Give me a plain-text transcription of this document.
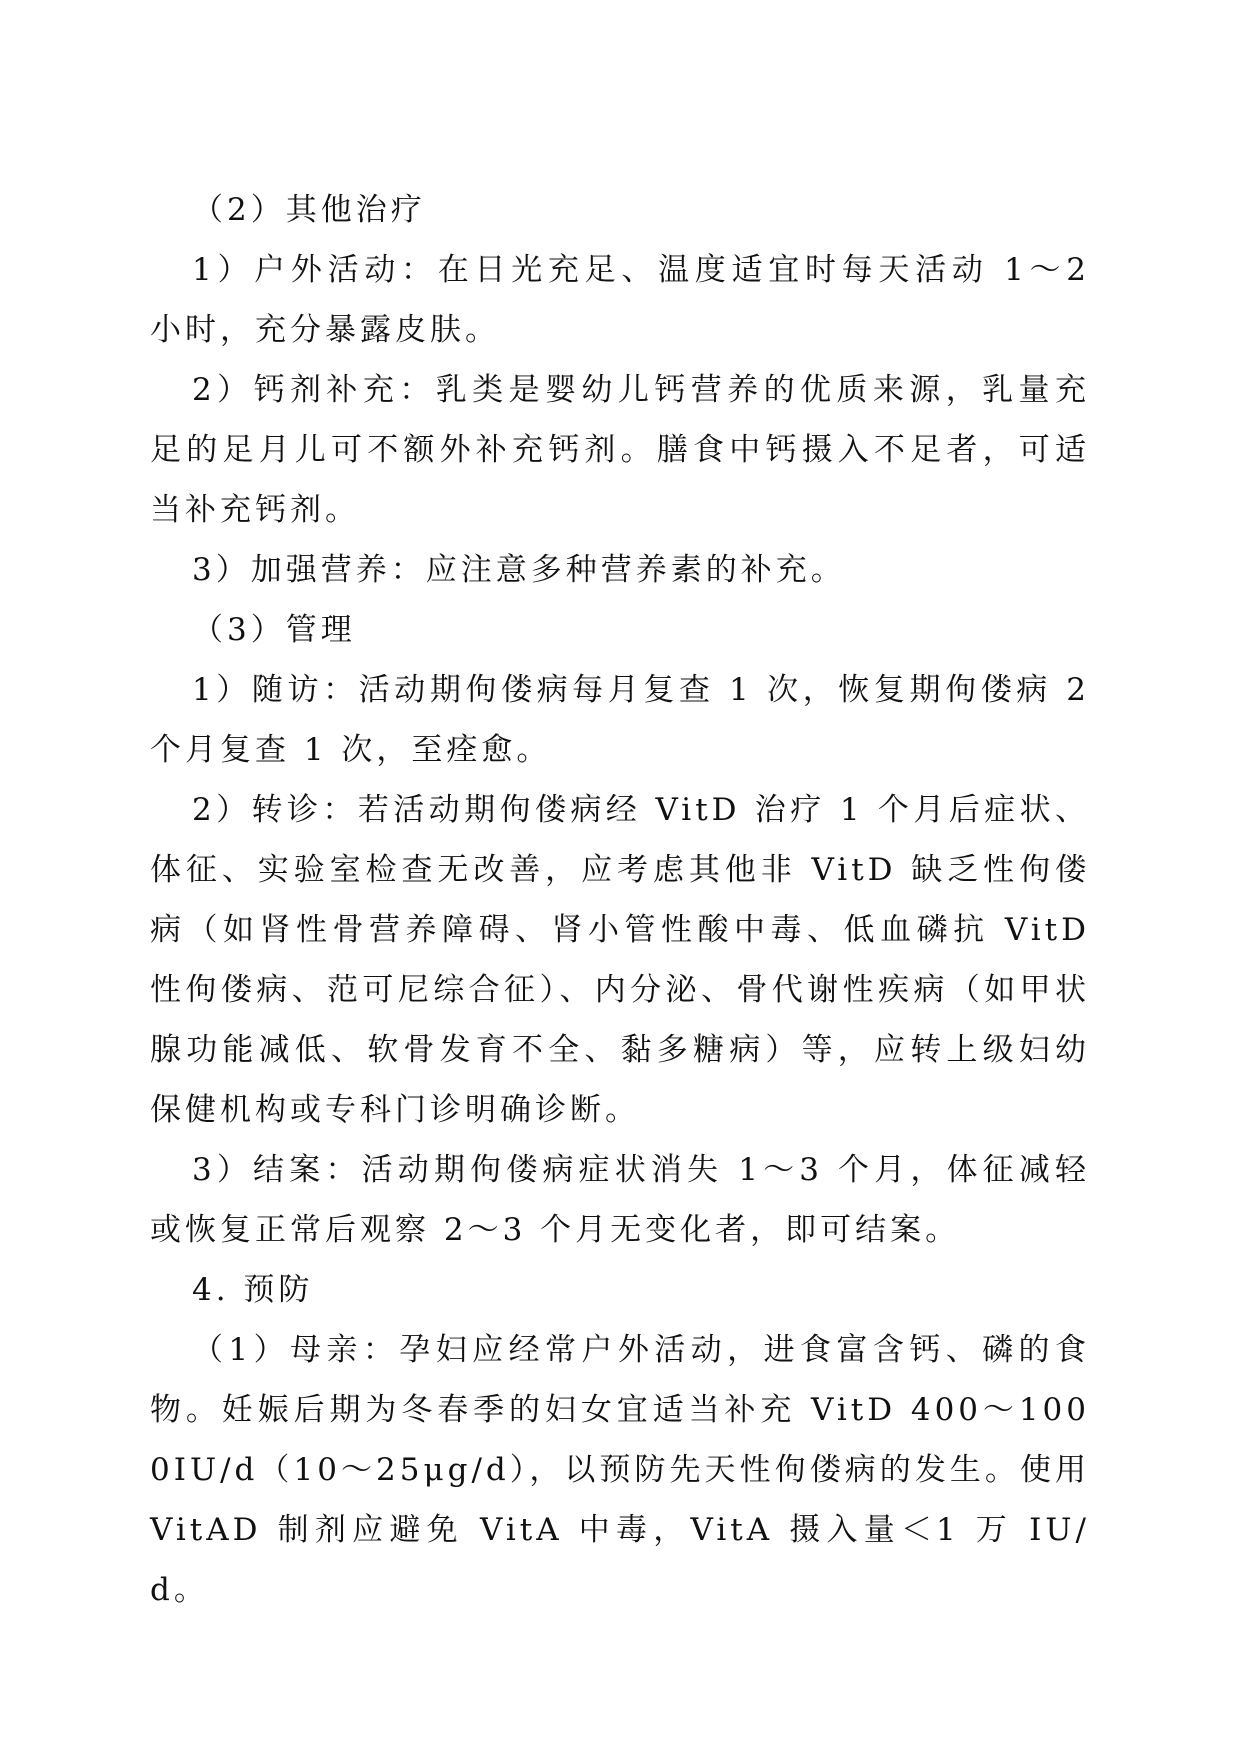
（2）其他治疗

1）户外活动：在日光充足、温度适宜时每天活动 1～2 小时，充分暴露皮肤。

2）钙剂补充：乳类是婴幼儿钙营养的优质来源，乳量充足的足月儿可不额外补充钙剂。膳食中钙摄入不足者，可适当补充钙剂。

3）加强营养：应注意多种营养素的补充。

（3）管理

1）随访：活动期佝偻病每月复查 1 次，恢复期佝偻病 2 个月复查 1 次，至痊愈。

2）转诊：若活动期佝偻病经 VitD 治疗 1 个月后症状、体征、实验室检查无改善，应考虑其他非 VitD 缺乏性佝偻病（如肾性骨营养障碍、肾小管性酸中毒、低血磷抗 VitD 性佝偻病、范可尼综合征）、内分泌、骨代谢性疾病（如甲状腺功能减低、软骨发育不全、黏多糖病）等，应转上级妇幼保健机构或专科门诊明确诊断。

3）结案：活动期佝偻病症状消失 1～3 个月，体征减轻或恢复正常后观察 2～3 个月无变化者，即可结案。

4. 预防

（1）母亲：孕妇应经常户外活动，进食富含钙、磷的食物。妊娠后期为冬春季的妇女宜适当补充 VitD 400～1000IU/d（10～25μg/d），以预防先天性佝偻病的发生。使用 VitAD 制剂应避免 VitA 中毒，VitA 摄入量＜1 万 IU/d。
